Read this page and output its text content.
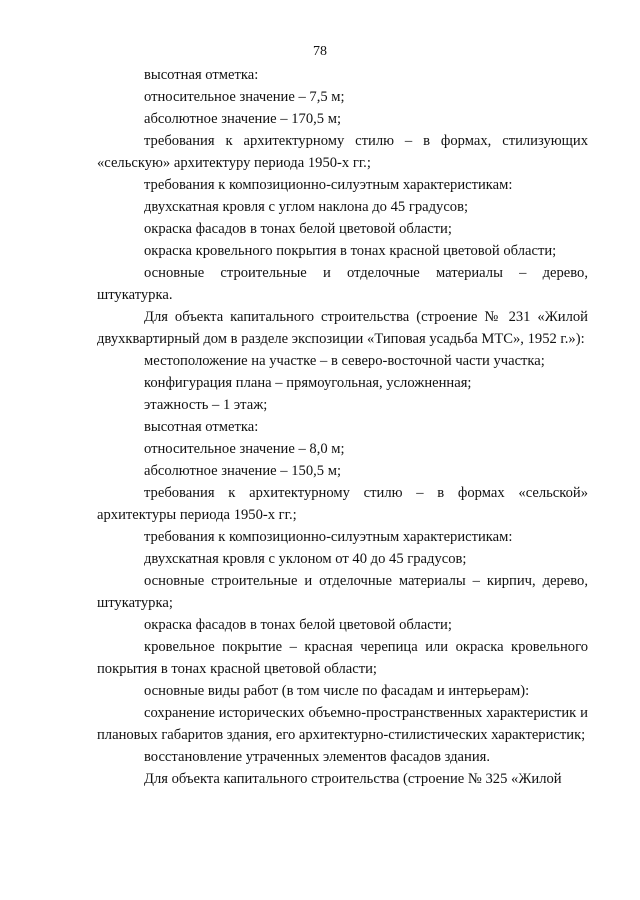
78

высотная отметка:

относительное значение – 7,5 м;

абсолютное значение – 170,5 м;

требования к архитектурному стилю – в формах, стилизующих «сельскую» архитектуру периода 1950-х гг.;

требования к композиционно-силуэтным характеристикам:

двухскатная кровля с углом наклона до 45 градусов;

окраска фасадов в тонах белой цветовой области;

окраска кровельного покрытия в тонах красной цветовой области;

основные строительные и отделочные материалы – дерево, штукатурка.

Для объекта капитального строительства (строение № 231 «Жилой двухквартирный дом в разделе экспозиции «Типовая усадьба МТС», 1952 г.»):

местоположение на участке – в северо-восточной части участка;

конфигурация плана – прямоугольная, усложненная;

этажность – 1 этаж;

высотная отметка:

относительное значение – 8,0 м;

абсолютное значение – 150,5 м;

требования к архитектурному стилю – в формах «сельской» архитектуры периода 1950-х гг.;

требования к композиционно-силуэтным характеристикам:

двухскатная кровля с уклоном от 40 до 45 градусов;

основные строительные и отделочные материалы – кирпич, дерево, штукатурка;

окраска фасадов в тонах белой цветовой области;

кровельное покрытие – красная черепица или окраска кровельного покрытия в тонах красной цветовой области;

основные виды работ (в том числе по фасадам и интерьерам):

сохранение исторических объемно-пространственных характеристик и плановых габаритов здания, его архитектурно-стилистических характеристик;

восстановление утраченных элементов фасадов здания.

Для объекта капитального строительства (строение № 325 «Жилой
